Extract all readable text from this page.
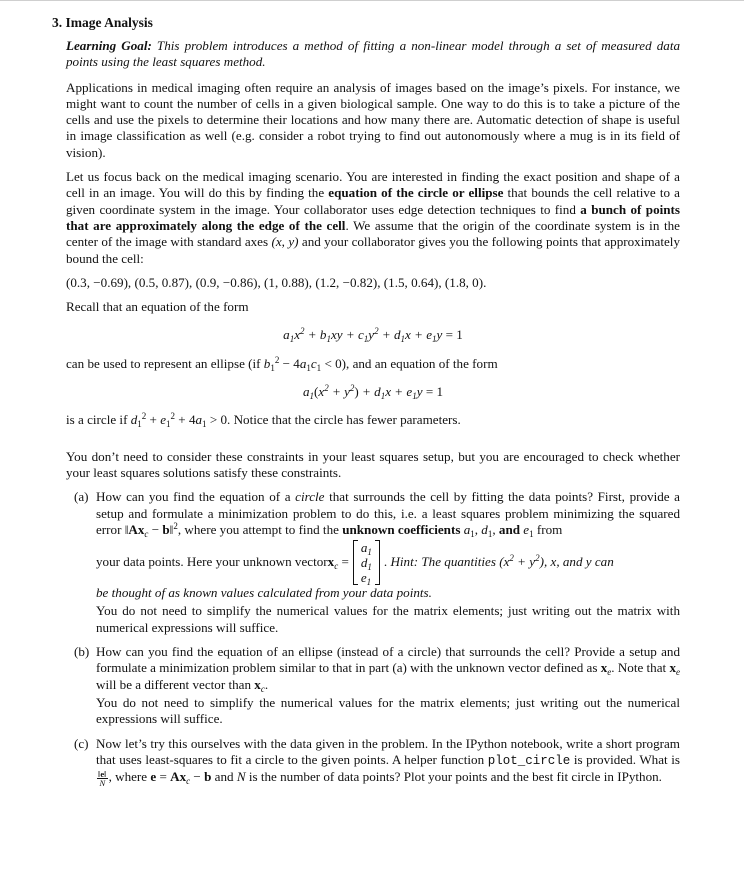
3. Image Analysis

Learning Goal: This problem introduces a method of fitting a non-linear model through a set of measured data points using the least squares method.

Applications in medical imaging often require an analysis of images based on the image’s pixels. For instance, we might want to count the number of cells in a given biological sample. One way to do this is to take a picture of the cells and use the pixels to determine their locations and how many there are. Automatic detection of shape is useful in image classification as well (e.g. consider a robot trying to find out autonomously where a mug is in its field of vision).

Let us focus back on the medical imaging scenario. You are interested in finding the exact position and shape of a cell in an image. You will do this by finding the equation of the circle or ellipse that bounds the cell relative to a given coordinate system in the image. Your collaborator uses edge detection techniques to find a bunch of points that are approximately along the edge of the cell. We assume that the origin of the coordinate system is in the center of the image with standard axes (x, y) and your collaborator gives you the following points that approximately bound the cell:

(0.3, −0.69), (0.5, 0.87), (0.9, −0.86), (1, 0.88), (1.2, −0.82), (1.5, 0.64), (1.8, 0).

Recall that an equation of the form

$a_1x^2 + b_1xy + c_1y^2 + d_1x + e_1y = 1$

can be used to represent an ellipse (if $b_1^2 - 4a_1c_1 < 0$), and an equation of the form

$a_1(x^2 + y^2) + d_1x + e_1y = 1$

is a circle if $d_1^2 + e_1^2 + 4a_1 > 0$. Notice that the circle has fewer parameters.

You don’t need to consider these constraints in your least squares setup, but you are encouraged to check whether your least squares solutions satisfy these constraints.

(a) How can you find the equation of a circle that surrounds the cell by fitting the data points? First, provide a setup and formulate a minimization problem to do this, i.e. a least squares problem minimizing the squared error $‖Ax_c$ − b‖$^2$, where you attempt to find the unknown coefficients $a_1$, $d_1$, and $e_1$ from

your data points. Here your unknown vector $x_c$ =
$a_1$
$d_1$
$e_1$
. Hint: The quantities $(x^2 + y^2)$, x, and y can

be thought of as known values calculated from your data points.

You do not need to simplify the numerical values for the matrix elements; just writing out the matrix with numerical expressions will suffice.

(b) How can you find the equation of an ellipse (instead of a circle) that surrounds the cell? Provide a setup and formulate a minimization problem similar to that in part (a) with the unknown vector defined as $x_e$. Note that $x_e$ will be a different vector than $x_c$.

You do not need to simplify the numerical values for the matrix elements; just writing out the numerical expressions will suffice.

(c) Now let’s try this ourselves with the data given in the problem. In the IPython notebook, write a short program that uses least-squares to fit a circle to the given points. A helper function plot_circle is provided. What is
$\frac{‖e‖}{N}$ , where $e = Ax_c - b$ and N is the number of data points? Plot your points and the best fit circle in IPython.
